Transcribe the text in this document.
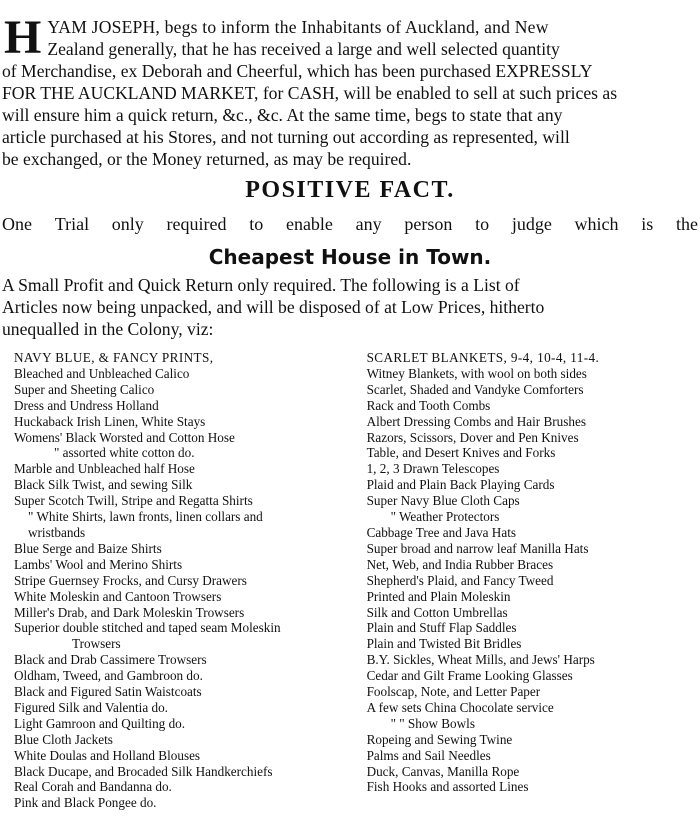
H YAM JOSEPH, begs to inform the Inhabitants of Auckland, and New
Zealand generally, that he has received a large and well selected quantity
of Merchandise, ex Deborah and Cheerful, which has been purchased EXPRESSLY
FOR THE AUCKLAND MARKET, for CASH, will be enabled to sell at such prices as
will ensure him a quick return, &c., &c. At the same time, begs to state that any
article purchased at his Stores, and not turning out according as represented, will
be exchanged, or the Money returned, as may be required.
POSITIVE FACT.
One Trial only required to enable any person to judge which is the
Cheapest House in Town.
A Small Profit and Quick Return only required. The following is a List of
Articles now being unpacked, and will be disposed of at Low Prices, hitherto
unequalled in the Colony, viz:
NAVY BLUE, & FANCY PRINTS,
Bleached and Unbleached Calico
Super and Sheeting Calico
Dress and Undress Holland
Huckaback Irish Linen, White Stays
Womens' Black Worsted and Cotton Hose
" assorted white cotton do.
Marble and Unbleached half Hose
Black Silk Twist, and sewing Silk
Super Scotch Twill, Stripe and Regatta Shirts
" White Shirts, lawn fronts, linen collars and
wristbands
Blue Serge and Baize Shirts
Lambs' Wool and Merino Shirts
Stripe Guernsey Frocks, and Cursy Drawers
White Moleskin and Cantoon Trowsers
Miller's Drab, and Dark Moleskin Trowsers
Superior double stitched and taped seam Moleskin
Trowsers
Black and Drab Cassimere Trowsers
Oldham, Tweed, and Gambroon do.
Black and Figured Satin Waistcoats
Figured Silk and Valentia do.
Light Gamroon and Quilting do.
Blue Cloth Jackets
White Doulas and Holland Blouses
Black Ducape, and Brocaded Silk Handkerchiefs
Real Corah and Bandanna do.
Pink and Black Pongee do.
SCARLET BLANKETS, 9-4, 10-4, 11-4.
Witney Blankets, with wool on both sides
Scarlet, Shaded and Vandyke Comforters
Rack and Tooth Combs
Albert Dressing Combs and Hair Brushes
Razors, Scissors, Dover and Pen Knives
Table, and Desert Knives and Forks
1, 2, 3 Drawn Telescopes
Plaid and Plain Back Playing Cards
Super Navy Blue Cloth Caps
" Weather Protectors
Cabbage Tree and Java Hats
Super broad and narrow leaf Manilla Hats
Net, Web, and India Rubber Braces
Shepherd's Plaid, and Fancy Tweed
Printed and Plain Moleskin
Silk and Cotton Umbrellas
Plain and Stuff Flap Saddles
Plain and Twisted Bit Bridles
B.Y. Sickles, Wheat Mills, and Jews' Harps
Cedar and Gilt Frame Looking Glasses
Foolscap, Note, and Letter Paper
A few sets China Chocolate service
" " Show Bowls
Ropeing and Sewing Twine
Palms and Sail Needles
Duck, Canvas, Manilla Rope
Fish Hooks and assorted Lines
